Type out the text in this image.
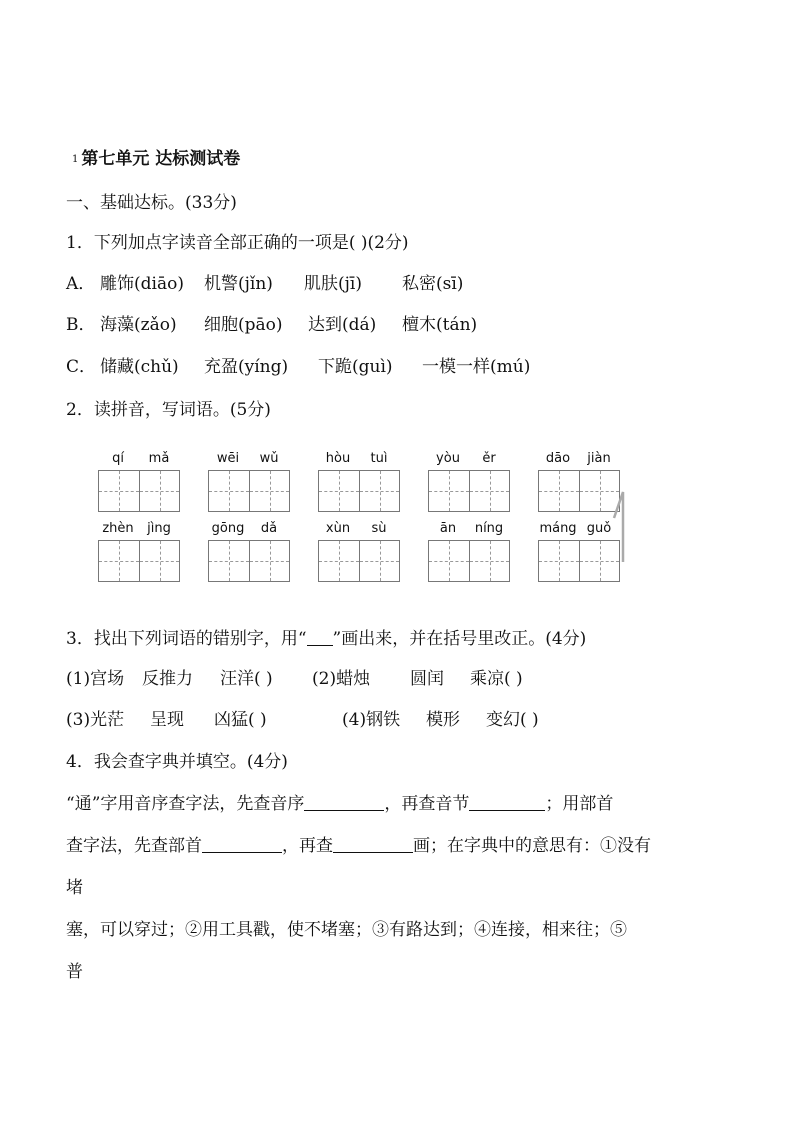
1 第七单元 达标测试卷
一、基础达标。(33分)
1．下列加点字读音全部正确的一项是( )(2分)
A． 雕饰(diāo) 机警(jǐn) 肌肤(jī) 私密(sī)
B． 海藻(zǎo) 细胞(pāo) 达到(dá) 檀木(tán)
C． 储藏(chǔ) 充盈(yíng) 下跪(guì) 一模一样(mú)
2．读拼音，写词语。(5分)
qí	mǎ	wēi	wǔ	hòu	tuì	yòu	ěr	dāo	jiàn
zhèn	jìng	gōng	dǎ	xùn	sù	ān	níng	máng guǒ
3．找出下列词语的错别字，用“ ”画出来，并在括号里改正。(4分)
(1)宫场 反推力 汪洋( ) (2)蜡烛 圆闰 乘凉( )
(3)光茫 呈现 凶猛( )	(4)钢铁 模形 变幻( )
4．我会查字典并填空。(4分)
“通”字用音序查字法，先查音序	，再查音节	；用部首
查字法，先查部首	，再查	画；在字典中的意思有：①没有
堵
塞，可以穿过；②用工具戳，使不堵塞；③有路达到；④连接，相来往；⑤
普
